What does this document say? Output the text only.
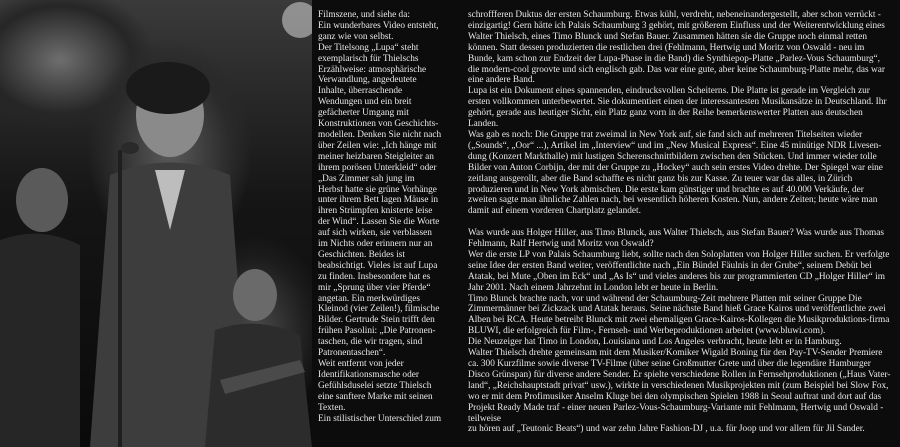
Filmszene, und siehe da:
Ein wunderbares Video entsteht,
ganz wie von selbst.
Der Titelsong „Lupa“ steht
exemplarisch für Thielschs
Erzählweise: atmosphärische
Verwandlung, angedeutete
Inhalte, überraschende
Wendungen und ein breit
gefächerter Umgang mit
Konstruktionen von Geschichts-
modellen. Denken Sie nicht nach
über Zeilen wie: „Ich hänge mit
meiner heizbaren Steigleiter an
ihrem porösen Unterkleid“ oder
„Das Zimmer sah jung im
Herbst hatte sie grüne Vorhänge
unter ihrem Bett lagen Mäuse in
ihren Strümpfen knisterte leise
der Wind“. Lassen Sie die Worte
auf sich wirken, sie verblassen
im Nichts oder erinnern nur an
Geschichten. Beides ist
beabsichtigt. Vieles ist auf Lupa
zu finden. Insbesondere hat es
mir „Sprung über vier Pferde“
angetan. Ein merkwürdiges
Kleinod (vier Zeilen!), filmische
Bilder. Gertrude Stein trifft den
frühen Pasolini: „Die Patronen-
taschen, die wir tragen, sind
Patronentaschen“.
Weit entfernt von jeder
Identifikationsmasche oder
Gefühlsduselei setzte Thielsch
eine sanftere Marke mit seinen
Texten.
Ein stilistischer Unterschied zum

schroffferen Duktus der ersten Schaumburg. Etwas kühl, verdreht, nebeneinandergestellt, aber schon verrückt - einzigartig! Gern hätte ich Palais Schaumburg 3 gehört, mit größerem Einfluss und der Weiterentwicklung eines Walter Thielsch, eines Timo Blunck und Stefan Bauer. Zusammen hätten sie die Gruppe noch einmal retten können. Statt dessen produzierten die restlichen drei (Fehlmann, Hertwig und Moritz von Oswald - neu im Bunde, kam schon zur Endzeit der Lupa-Phase in die Band) die Synthiepop-Platte „Parlez-Vous Schaumburg“, die modern-cool groovte und sich englisch gab. Das war eine gute, aber keine Schaumburg-Platte mehr, das war eine andere Band.

Lupa ist ein Dokument eines spannenden, eindrucksvollen Scheiterns. Die Platte ist gerade im Vergleich zur ersten vollkommen unterbewertet. Sie dokumentiert einen der interessantesten Musikansätze in Deutschland. Ihr gehört, gerade aus heutiger Sicht, ein Platz ganz vorn in der Reihe bemerkenswerter Platten aus deutschen Landen.

Was gab es noch: Die Gruppe trat zweimal in New York auf, sie fand sich auf mehreren Titelseiten wieder („Sounds“, „Oor“ ...), Artikel im „Interview“ und im „New Musical Express“. Eine 45 minütige NDR Livesen-dung (Konzert Markthalle) mit lustigen Scherenschnittbildern zwischen den Stücken. Und immer wieder tolle Bilder von Anton Corbijn, der mit der Gruppe zu „Hockey“ auch sein erstes Video drehte. Der Spiegel war eine zeitlang ausgerollt, aber die Band schaffte es nicht ganz bis zur Kasse. Zu teuer war das alles, in Zürich produzieren und in New York abmischen. Die erste kam günstiger und brachte es auf 40.000 Verkäufe, der zweiten sagte man ähnliche Zahlen nach, bei wesentlich höheren Kosten. Nun, andere Zeiten; heute wäre man damit auf einem vorderen Chartplatz gelandet.

Was wurde aus Holger Hiller, aus Timo Blunck, aus Walter Thielsch, aus Stefan Bauer? Was wurde aus Thomas Fehlmann, Ralf Hertwig und Moritz von Oswald?

Wer die erste LP von Palais Schaumburg liebt, sollte nach den Soloplatten von Holger Hiller suchen. Er verfolgte seine Idee der ersten Band weiter, veröffentlichte nach „Ein Bündel Fäulnis in der Grube“, seinem Debüt bei Atatak, bei Mute „Oben im Eck“ und „As Is“ und vieles anderes bis zur programmierten CD „Holger Hiller“ im Jahr 2001. Nach einem Jahrzehnt in London lebt er heute in Berlin.

Timo Blunck brachte nach, vor und während der Schaumburg-Zeit mehrere Platten mit seiner Gruppe Die Zimmermänner bei Zickzack und Atatak heraus. Seine nächste Band hieß Grace Kairos und veröffentlichte zwei Alben bei RCA. Heute betreibt Blunck mit zwei ehemaligen Grace-Kairos-Kollegen die Musikproduktions-firma BLUWI, die erfolgreich für Film-, Fernseh- und Werbeproduktionen arbeitet (www.bluwi.com).

Die Neuzeiger hat Timo in London, Louisiana und Los Angeles verbracht, heute lebt er in Hamburg.

Walter Thielsch drehte gemeinsam mit dem Musiker/Komiker Wigald Boning für den Pay-TV-Sender Premiere ca. 300 Kurzfilme sowie diverse TV-Filme (über seine Großmutter Grete und über die legendäre Hamburger Disco Grünspan) für diverse andere Sender. Er spielte verschiedene Rollen in Fernsehproduktionen („Haus Vater-land“, „Reichshauptstadt privat“ usw.), wirkte in verschiedenen Musikprojekten mit (zum Beispiel bei Slow Fox, wo er mit dem Profimusiker Anselm Kluge bei den olympischen Spielen 1988 in Seoul auftrat und dort auf das Projekt Ready Made traf - einer neuen Parlez-Vous-Schaumburg-Variante mit Fehlmann, Hertwig und Oswald - teilweise

zu hören auf „Teutonic Beats“) und war zehn Jahre Fashion-DJ , u.a. für Joop und vor allem für Jil Sander.
